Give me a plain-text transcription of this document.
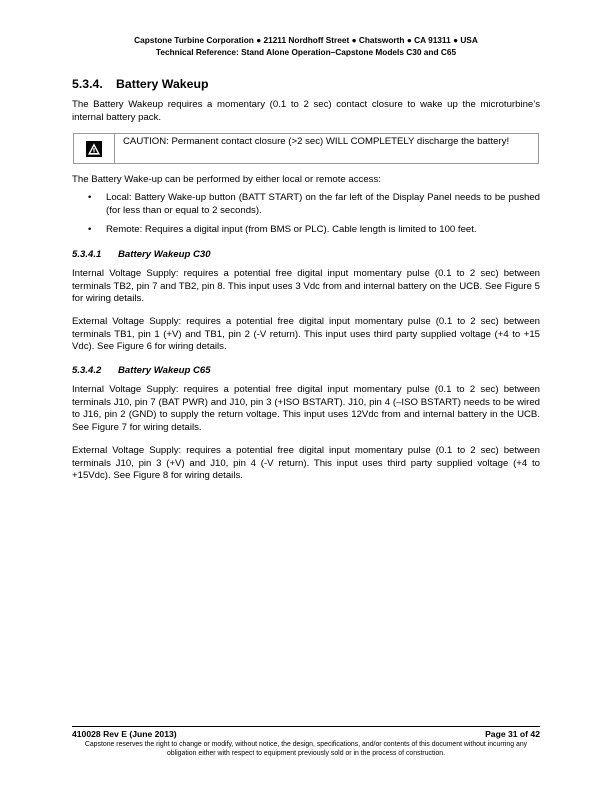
Capstone Turbine Corporation ● 21211 Nordhoff Street ● Chatsworth ● CA 91311 ● USA
Technical Reference: Stand Alone Operation–Capstone Models C30 and C65
5.3.4. Battery Wakeup
The Battery Wakeup requires a momentary (0.1 to 2 sec) contact closure to wake up the microturbine’s internal battery pack.
CAUTION: Permanent contact closure (>2 sec) WILL COMPLETELY discharge the battery!
The Battery Wake-up can be performed by either local or remote access:
• Local: Battery Wake-up button (BATT START) on the far left of the Display Panel needs to be pushed (for less than or equal to 2 seconds).
• Remote: Requires a digital input (from BMS or PLC). Cable length is limited to 100 feet.
5.3.4.1 Battery Wakeup C30
Internal Voltage Supply: requires a potential free digital input momentary pulse (0.1 to 2 sec) between terminals TB2, pin 7 and TB2, pin 8. This input uses 3 Vdc from and internal battery on the UCB. See Figure 5 for wiring details.
External Voltage Supply: requires a potential free digital input momentary pulse (0.1 to 2 sec) between terminals TB1, pin 1 (+V) and TB1, pin 2 (-V return). This input uses third party supplied voltage (+4 to +15 Vdc). See Figure 6 for wiring details.
5.3.4.2 Battery Wakeup C65
Internal Voltage Supply: requires a potential free digital input momentary pulse (0.1 to 2 sec) between terminals J10, pin 7 (BAT PWR) and J10, pin 3 (+ISO BSTART). J10, pin 4 (–ISO BSTART) needs to be wired to J16, pin 2 (GND) to supply the return voltage. This input uses 12Vdc from and internal battery in the UCB. See Figure 7 for wiring details.
External Voltage Supply: requires a potential free digital input momentary pulse (0.1 to 2 sec) between terminals J10, pin 3 (+V) and J10, pin 4 (-V return). This input uses third party supplied voltage (+4 to +15Vdc). See Figure 8 for wiring details.
410028 Rev E (June 2013)	Page 31 of 42
Capstone reserves the right to change or modify, without notice, the design, specifications, and/or contents of this document without incurring any obligation either with respect to equipment previously sold or in the process of construction.
